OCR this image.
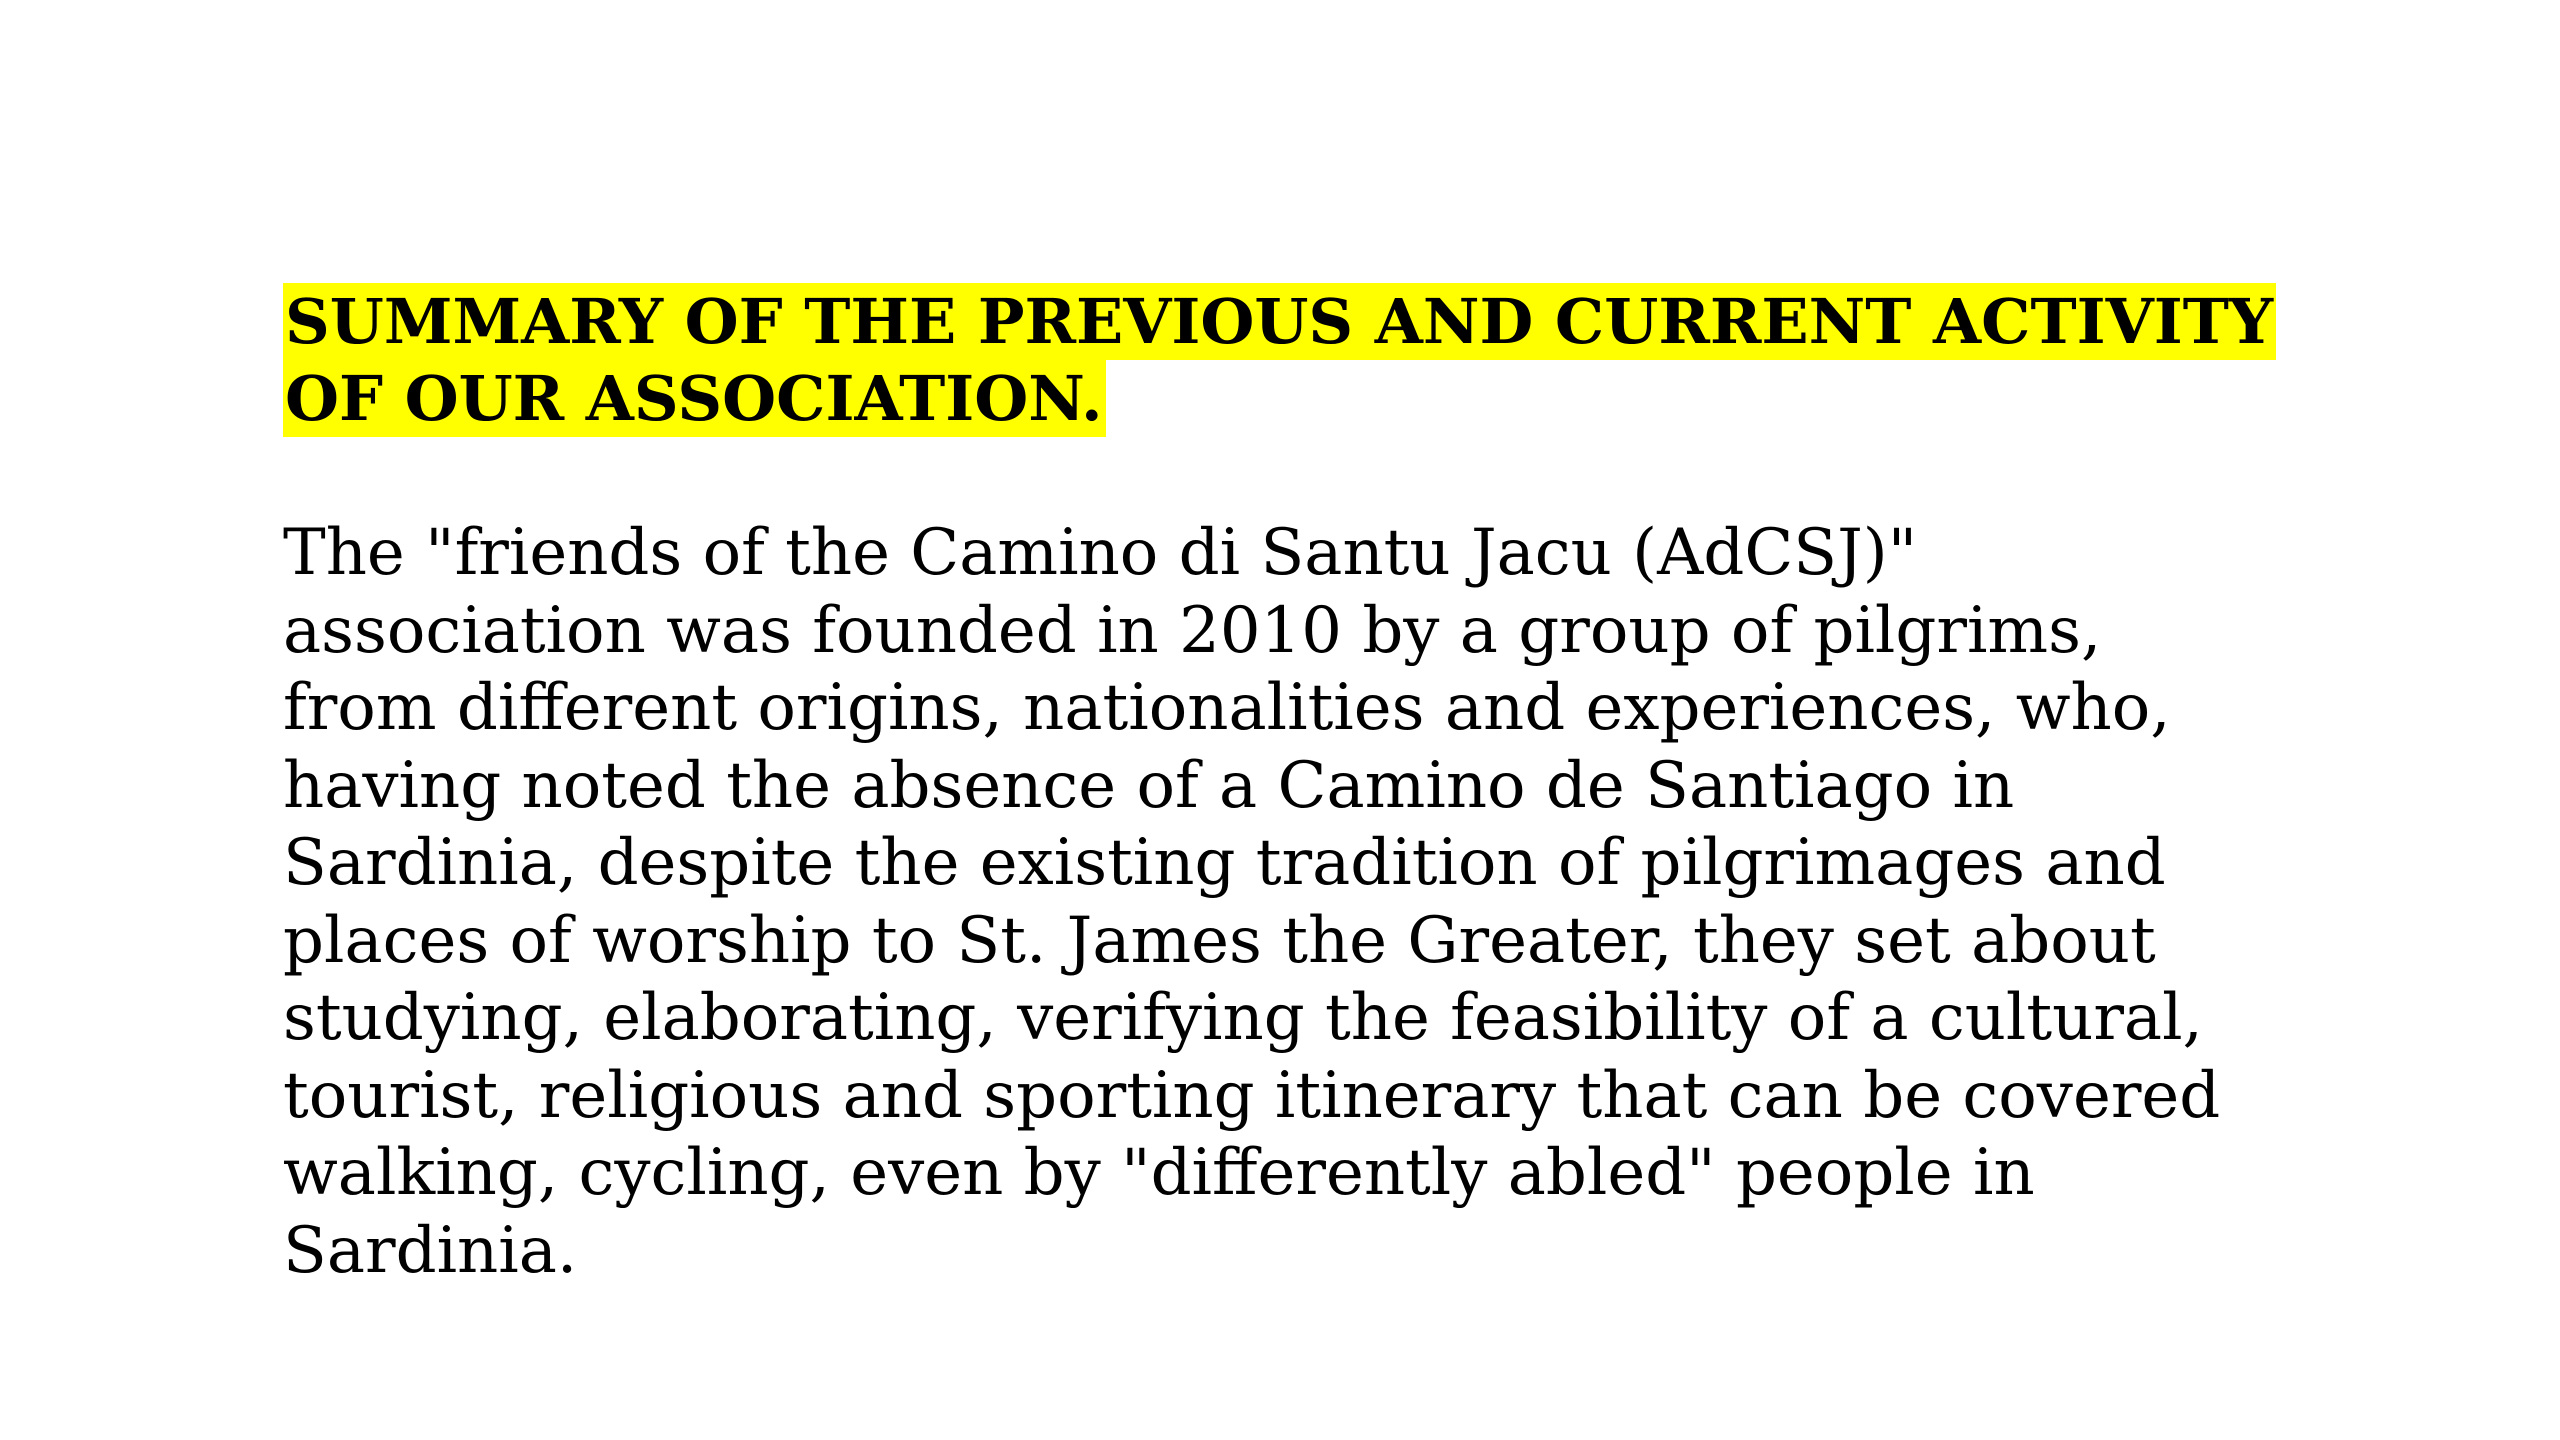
SUMMARY OF THE PREVIOUS AND CURRENT ACTIVITY
OF OUR ASSOCIATION.
The "friends of the Camino di Santu Jacu (AdCSJ)"
association was founded in 2010 by a group of pilgrims,
from different origins, nationalities and experiences, who,
having noted the absence of a Camino de Santiago in
Sardinia, despite the existing tradition of pilgrimages and
places of worship to St. James the Greater, they set about
studying, elaborating, verifying the feasibility of a cultural,
tourist, religious and sporting itinerary that can be covered
walking, cycling, even by "differently abled" people in
Sardinia.
